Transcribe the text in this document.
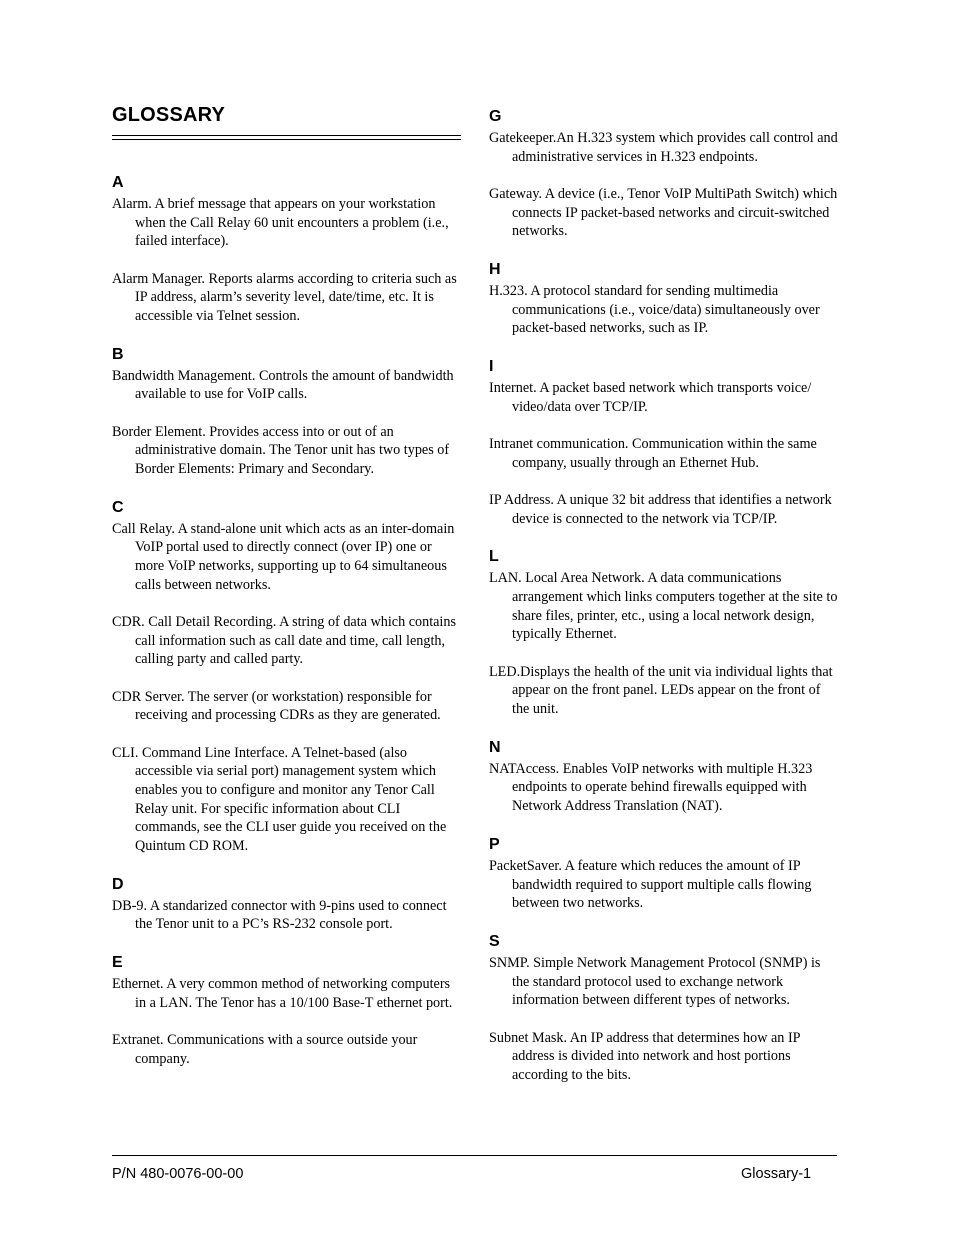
GLOSSARY
A

Alarm. A brief message that appears on your workstation when the Call Relay 60 unit encounters a problem (i.e., failed interface).

Alarm Manager. Reports alarms according to criteria such as IP address, alarm’s severity level, date/time, etc. It is accessible via Telnet session.

B

Bandwidth Management. Controls the amount of bandwidth available to use for VoIP calls.

Border Element. Provides access into or out of an administrative domain. The Tenor unit has two types of Border Elements: Primary and Secondary.

C

Call Relay. A stand-alone unit which acts as an inter-domain VoIP portal used to directly connect (over IP) one or more VoIP networks, supporting up to 64 simultaneous calls between networks.

CDR. Call Detail Recording. A string of data which contains call information such as call date and time, call length, calling party and called party.

CDR Server. The server (or workstation) responsible for receiving and processing CDRs as they are generated.

CLI. Command Line Interface. A Telnet-based (also accessible via serial port) management system which enables you to configure and monitor any Tenor Call Relay unit. For specific information about CLI commands, see the CLI user guide you received on the Quintum CD ROM.

D

DB-9. A standarized connector with 9-pins used to connect the Tenor unit to a PC’s RS-232 console port.

E

Ethernet. A very common method of networking computers in a LAN. The Tenor has a 10/100 Base-T ethernet port.

Extranet. Communications with a source outside your company.

G

Gatekeeper.An H.323 system which provides call control and administrative services in H.323 endpoints.

Gateway. A device (i.e., Tenor VoIP MultiPath Switch) which connects IP packet-based networks and circuit-switched networks.

H

H.323. A protocol standard for sending multimedia communications (i.e., voice/data) simultaneously over packet-based networks, such as IP.

I

Internet. A packet based network which transports voice/ video/data over TCP/IP.

Intranet communication. Communication within the same company, usually through an Ethernet Hub.

IP Address. A unique 32 bit address that identifies a network device is connected to the network via TCP/IP.

L

LAN. Local Area Network. A data communications arrangement which links computers together at the site to share files, printer, etc., using a local network design, typically Ethernet.

LED.Displays the health of the unit via individual lights that appear on the front panel. LEDs appear on the front of the unit.

N

NATAccess. Enables VoIP networks with multiple H.323 endpoints to operate behind firewalls equipped with Network Address Translation (NAT).

P

PacketSaver. A feature which reduces the amount of IP bandwidth required to support multiple calls flowing between two networks.

S

SNMP. Simple Network Management Protocol (SNMP) is the standard protocol used to exchange network information between different types of networks.

Subnet Mask. An IP address that determines how an IP address is divided into network and host portions according to the bits.

P/N 480-0076-00-00	Glossary-1
